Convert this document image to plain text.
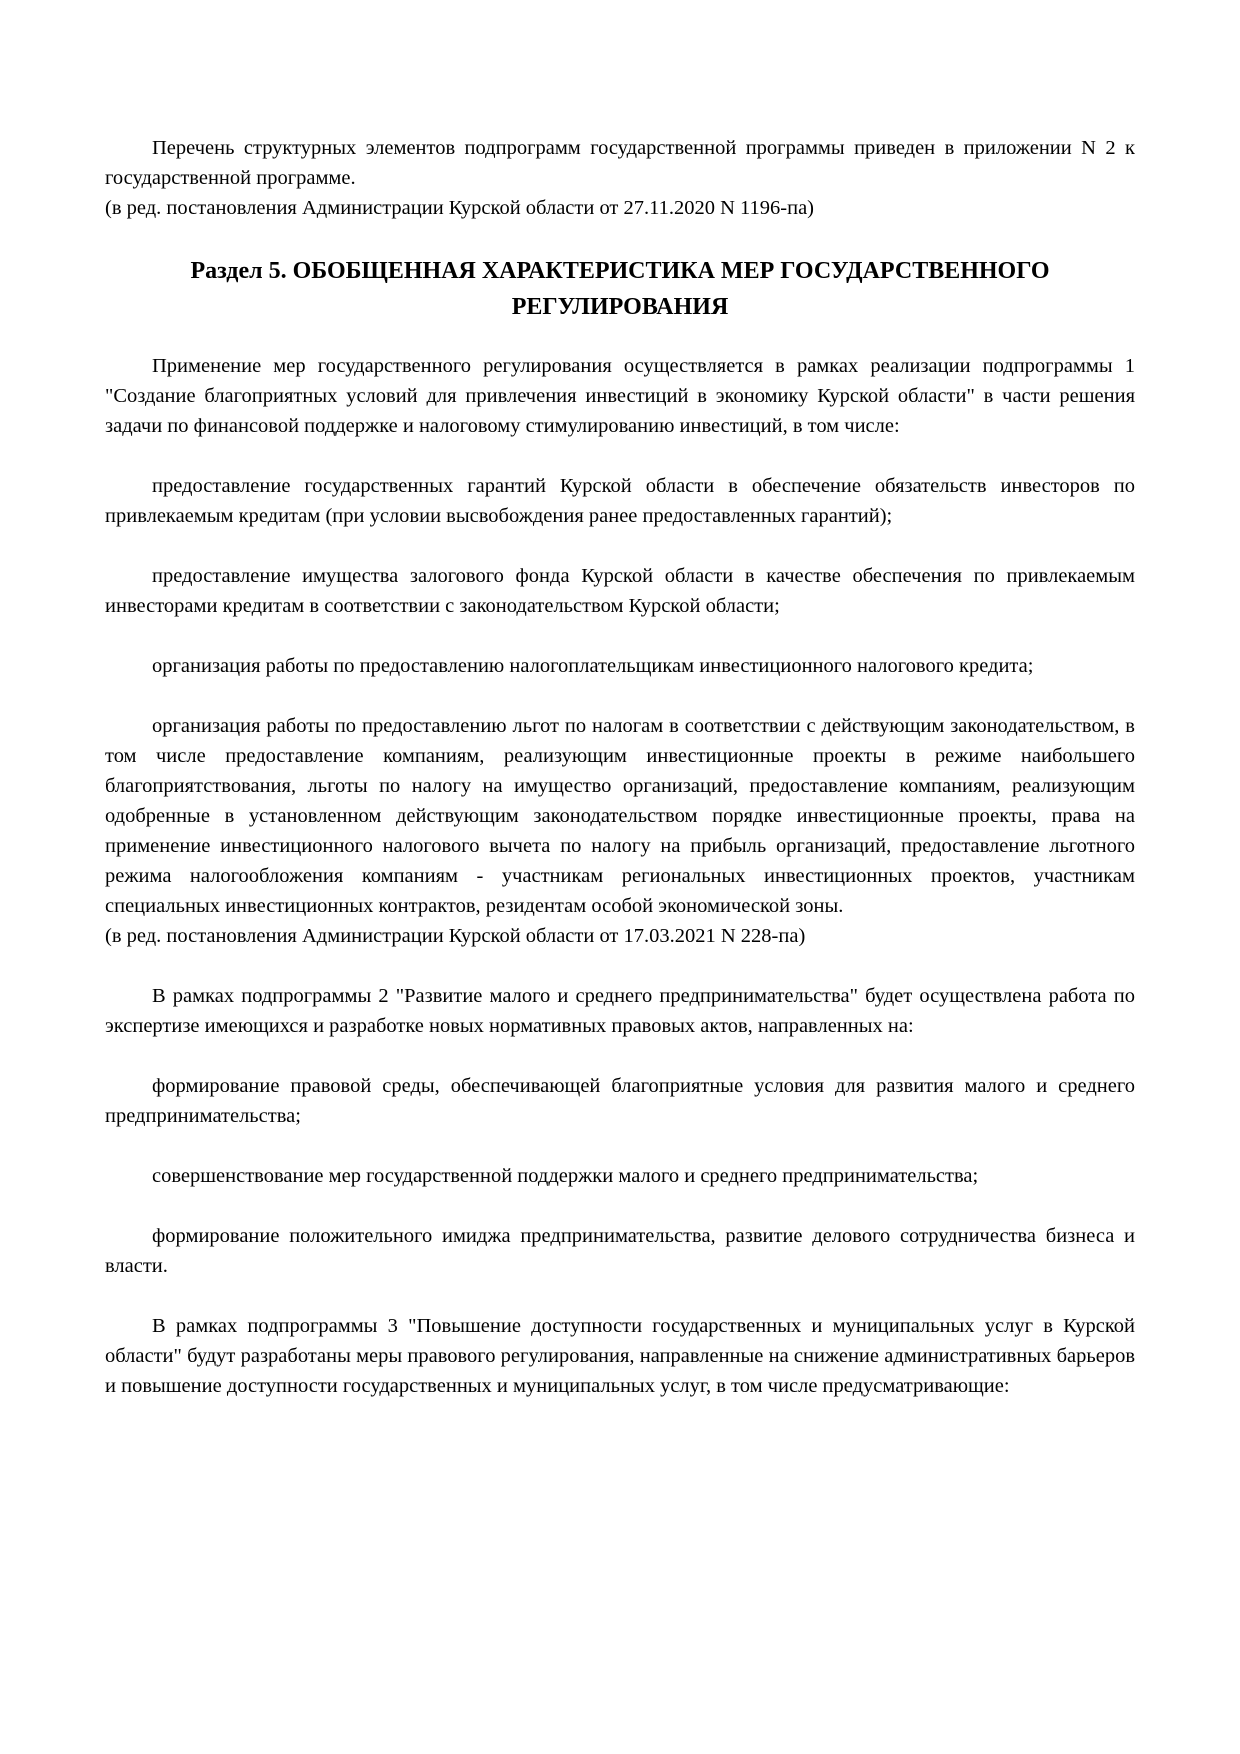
Перечень структурных элементов подпрограмм государственной программы приведен в приложении N 2 к государственной программе.

(в ред. постановления Администрации Курской области от 27.11.2020 N 1196-па)

Раздел 5. ОБОБЩЕННАЯ ХАРАКТЕРИСТИКА МЕР ГОСУДАРСТВЕННОГО РЕГУЛИРОВАНИЯ

Применение мер государственного регулирования осуществляется в рамках реализации подпрограммы 1 "Создание благоприятных условий для привлечения инвестиций в экономику Курской области" в части решения задачи по финансовой поддержке и налоговому стимулированию инвестиций, в том числе:

предоставление государственных гарантий Курской области в обеспечение обязательств инвесторов по привлекаемым кредитам (при условии высвобождения ранее предоставленных гарантий);

предоставление имущества залогового фонда Курской области в качестве обеспечения по привлекаемым инвесторами кредитам в соответствии с законодательством Курской области;

организация работы по предоставлению налогоплательщикам инвестиционного налогового кредита;

организация работы по предоставлению льгот по налогам в соответствии с действующим законодательством, в том числе предоставление компаниям, реализующим инвестиционные проекты в режиме наибольшего благоприятствования, льготы по налогу на имущество организаций, предоставление компаниям, реализующим одобренные в установленном действующим законодательством порядке инвестиционные проекты, права на применение инвестиционного налогового вычета по налогу на прибыль организаций, предоставление льготного режима налогообложения компаниям - участникам региональных инвестиционных проектов, участникам специальных инвестиционных контрактов, резидентам особой экономической зоны.

(в ред. постановления Администрации Курской области от 17.03.2021 N 228-па)

В рамках подпрограммы 2 "Развитие малого и среднего предпринимательства" будет осуществлена работа по экспертизе имеющихся и разработке новых нормативных правовых актов, направленных на:

формирование правовой среды, обеспечивающей благоприятные условия для развития малого и среднего предпринимательства;

совершенствование мер государственной поддержки малого и среднего предпринимательства;

формирование положительного имиджа предпринимательства, развитие делового сотрудничества бизнеса и власти.

В рамках подпрограммы 3 "Повышение доступности государственных и муниципальных услуг в Курской области" будут разработаны меры правового регулирования, направленные на снижение административных барьеров и повышение доступности государственных и муниципальных услуг, в том числе предусматривающие:
